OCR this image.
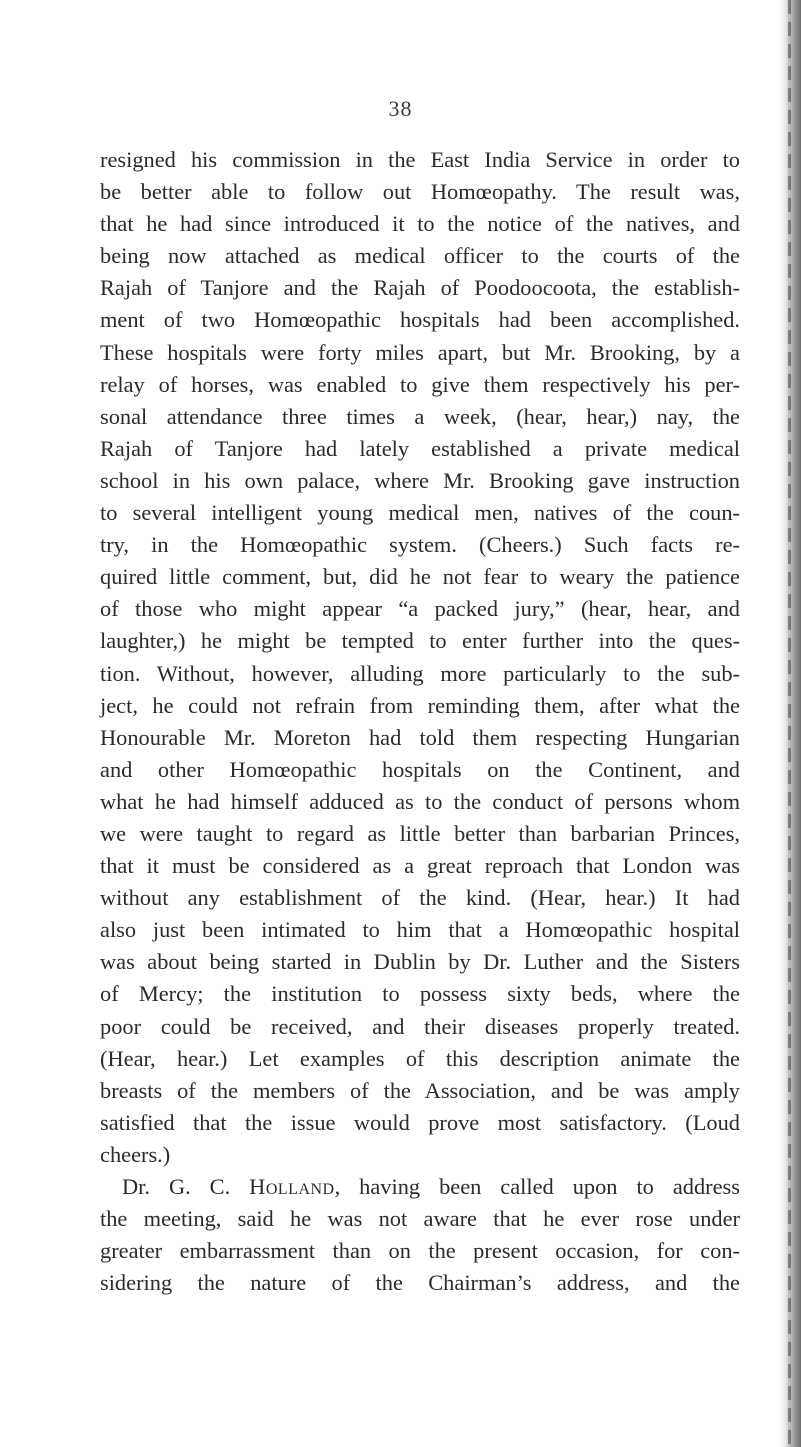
38
resigned his commission in the East India Service in order to
be better able to follow out Homœopathy. The result was,
that he had since introduced it to the notice of the natives, and
being now attached as medical officer to the courts of the
Rajah of Tanjore and the Rajah of Poodoocoota, the establish-
ment of two Homœopathic hospitals had been accomplished.
These hospitals were forty miles apart, but Mr. Brooking, by a
relay of horses, was enabled to give them respectively his per-
sonal attendance three times a week, (hear, hear,) nay, the
Rajah of Tanjore had lately established a private medical
school in his own palace, where Mr. Brooking gave instruction
to several intelligent young medical men, natives of the coun-
try, in the Homœopathic system. (Cheers.) Such facts re-
quired little comment, but, did he not fear to weary the patience
of those who might appear “a packed jury,” (hear, hear, and
laughter,) he might be tempted to enter further into the ques-
tion. Without, however, alluding more particularly to the sub-
ject, he could not refrain from reminding them, after what the
Honourable Mr. Moreton had told them respecting Hungarian
and other Homœopathic hospitals on the Continent, and
what he had himself adduced as to the conduct of persons whom
we were taught to regard as little better than barbarian Princes,
that it must be considered as a great reproach that London was
without any establishment of the kind. (Hear, hear.) It had
also just been intimated to him that a Homœopathic hospital
was about being started in Dublin by Dr. Luther and the Sisters
of Mercy; the institution to possess sixty beds, where the
poor could be received, and their diseases properly treated.
(Hear, hear.) Let examples of this description animate the
breasts of the members of the Association, and be was amply
satisfied that the issue would prove most satisfactory. (Loud
cheers.)
Dr. G. C. Holland, having been called upon to address
the meeting, said he was not aware that he ever rose under
greater embarrassment than on the present occasion, for con-
sidering the nature of the Chairman’s address, and the
